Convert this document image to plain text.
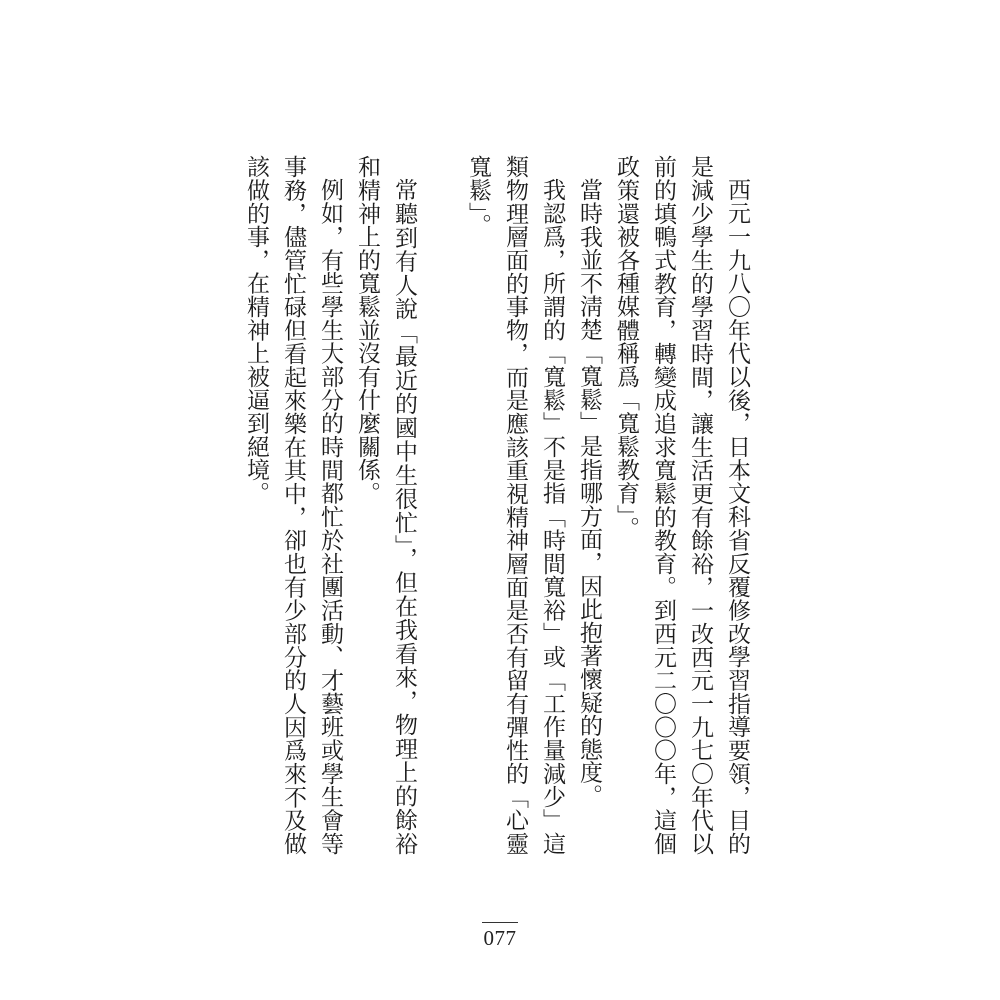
西元一九八〇年代以後，日本文科省反覆修改學習指導要領，目的是減少學生的學習時間，讓生活更有餘裕，一改西元一九七〇年代以前的填鴨式教育，轉變成追求寬鬆的教育。到西元二〇〇〇年，這個政策還被各種媒體稱爲「寬鬆教育」。

當時我並不淸楚「寬鬆」是指哪方面，因此抱著懷疑的態度。

我認爲，所謂的「寬鬆」不是指「時間寬裕」或「工作量減少」這類物理層面的事物，而是應該重視精神層面是否有留有彈性的「心靈寬鬆」。

常聽到有人說「最近的國中生很忙」，但在我看來，物理上的餘裕和精神上的寬鬆並沒有什麼關係。

例如，有些學生大部分的時間都忙於社團活動、才藝班或學生會等事務，儘管忙碌但看起來樂在其中，卻也有少部分的人因爲來不及做該做的事，在精神上被逼到絕境。

077
